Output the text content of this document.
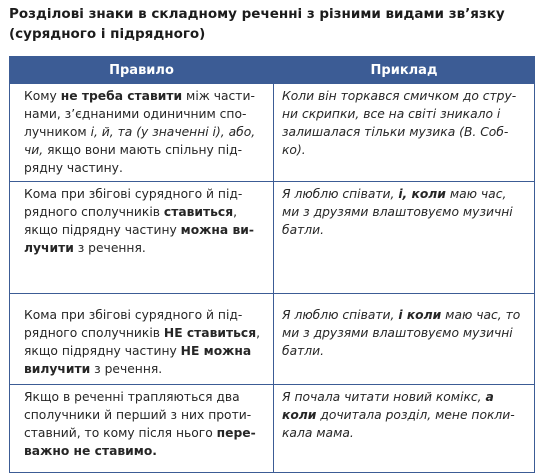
Розділові знаки в складному реченні з різними видами зв’язку (сурядного і підрядного)
Правило	Приклад
Кому не треба ставити між частинами, з’єднаними одиничним сполучником і, й, та (у значенні і), або, чи, якщо вони мають спільну підрядну частину.	Коли він торкався смичком до струни скрипки, все на світі зникало і залишалася тільки музика (В. Собко).
Кома при збігові сурядного й підрядного сполучників ставиться, якщо підрядну частину можна вилучити з речення.	Я люблю співати, і, коли маю час, ми з друзями влаштовуємо музичні батли.
Кома при збігові сурядного й підрядного сполучників НЕ ставиться, якщо підрядну частину НЕ можна вилучити з речення.	Я люблю співати, і коли маю час, то ми з друзями влаштовуємо музичні батли.
Якщо в реченні трапляються два сполучники й перший з них протиставний, то кому після нього переважно не ставимо.	Я почала читати новий комікс, а коли дочитала розділ, мене покликала мама.
